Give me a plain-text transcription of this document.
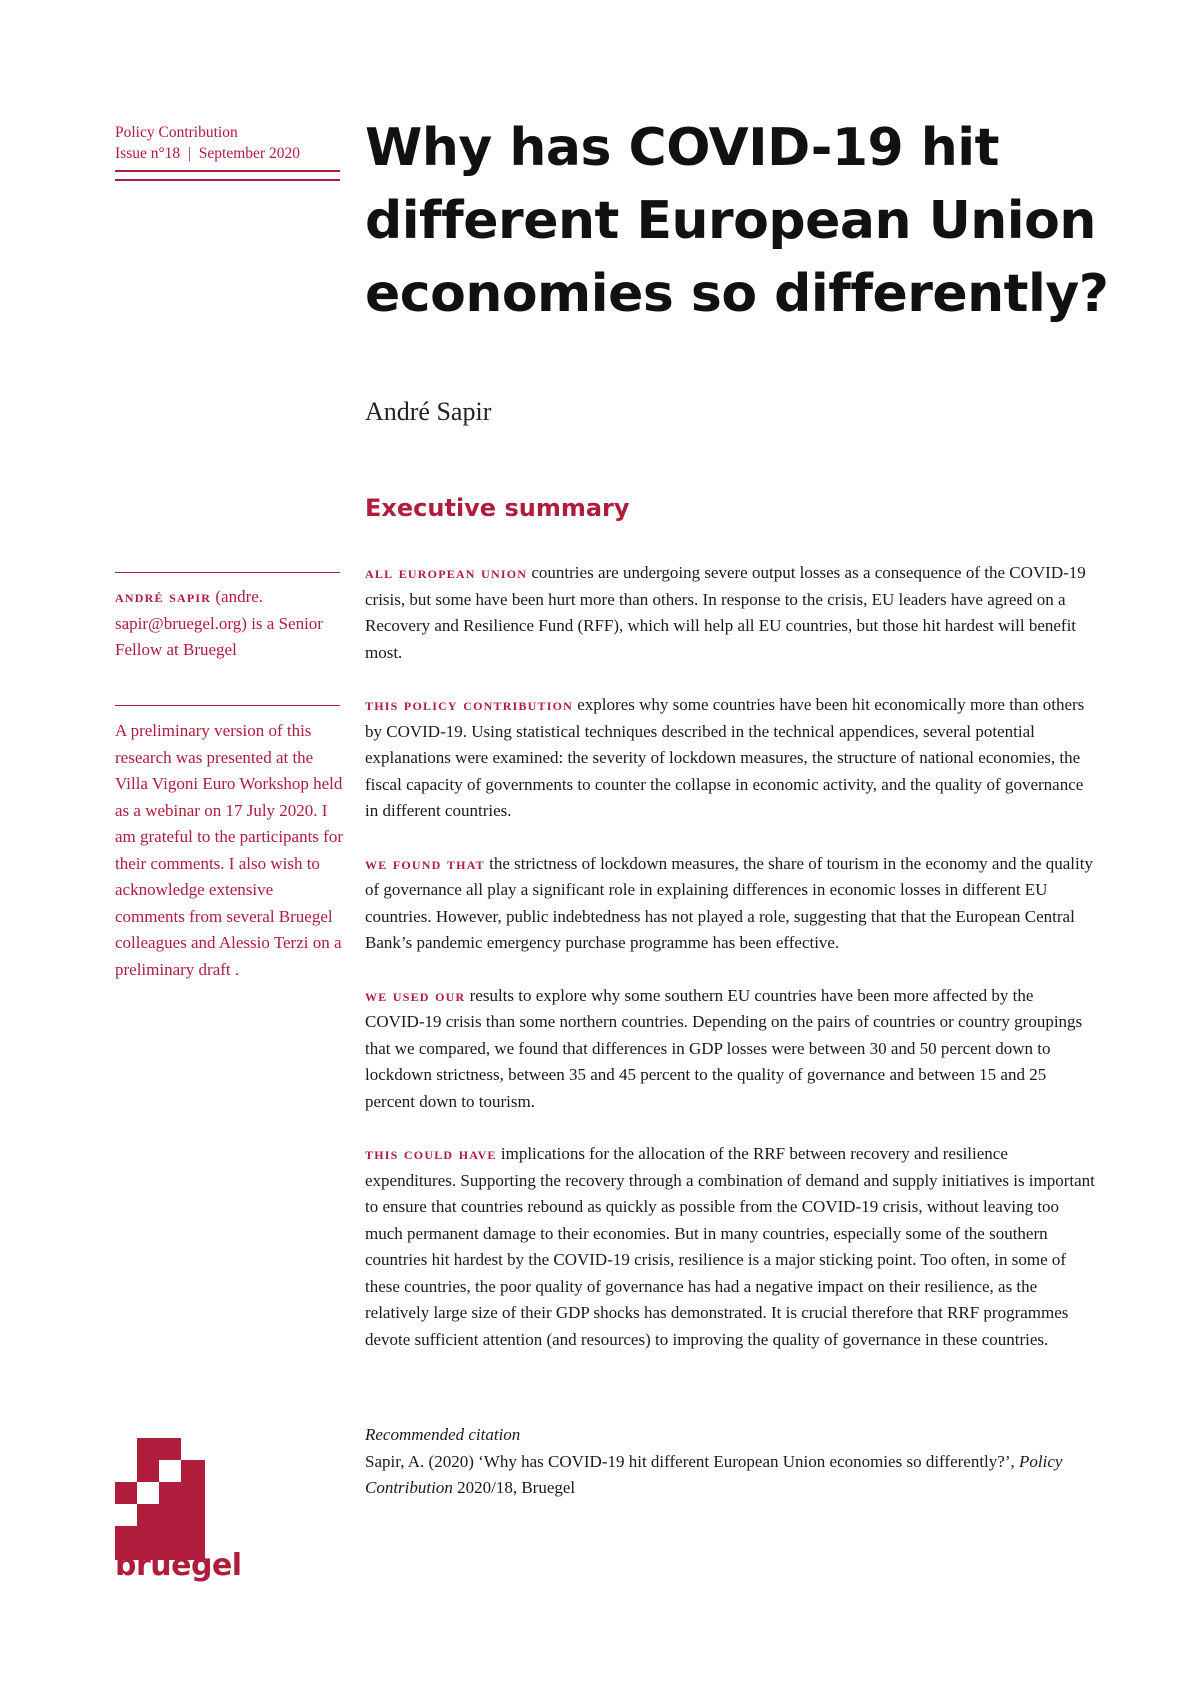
Policy Contribution
Issue n°18 | September 2020	Why has COVID-19 hit different European Union economies so differently?
André Sapir
Executive summary
andré sapir (andre. sapir@bruegel.org) is a Senior Fellow at Bruegel
A preliminary version of this research was presented at the Villa Vigoni Euro Workshop held as a webinar on 17 July 2020. I am grateful to the participants for their comments. I also wish to acknowledge extensive comments from several Bruegel colleagues and Alessio Terzi on a preliminary draft .

all european union countries are undergoing severe output losses as a consequence of the COVID-19 crisis, but some have been hurt more than others. In response to the crisis, EU leaders have agreed on a Recovery and Resilience Fund (RFF), which will help all EU countries, but those hit hardest will benefit most.

this policy contribution explores why some countries have been hit economically more than others by COVID-19. Using statistical techniques described in the technical appendices, several potential explanations were examined: the severity of lockdown measures, the structure of national economies, the fiscal capacity of governments to counter the collapse in economic activity, and the quality of governance in different countries.

we found that the strictness of lockdown measures, the share of tourism in the economy and the quality of governance all play a significant role in explaining differences in economic losses in different EU countries. However, public indebtedness has not played a role, suggesting that that the European Central Bank’s pandemic emergency purchase programme has been effective.

we used our results to explore why some southern EU countries have been more affected by the COVID-19 crisis than some northern countries. Depending on the pairs of countries or country groupings that we compared, we found that differences in GDP losses were between 30 and 50 percent down to lockdown strictness, between 35 and 45 percent to the quality of governance and between 15 and 25 percent down to tourism.

this could have implications for the allocation of the RRF between recovery and resilience expenditures. Supporting the recovery through a combination of demand and supply initiatives is important to ensure that countries rebound as quickly as possible from the COVID-19 crisis, without leaving too much permanent damage to their economies. But in many countries, especially some of the southern countries hit hardest by the COVID-19 crisis, resilience is a major sticking point. Too often, in some of these countries, the poor quality of governance has had a negative impact on their resilience, as the relatively large size of their GDP shocks has demonstrated. It is crucial therefore that RRF programmes devote sufficient attention (and resources) to improving the quality of governance in these countries.

Recommended citation
Sapir, A. (2020) ‘Why has COVID-19 hit different European Union economies so differently?’, Policy Contribution 2020/18, Bruegel
bruegel
